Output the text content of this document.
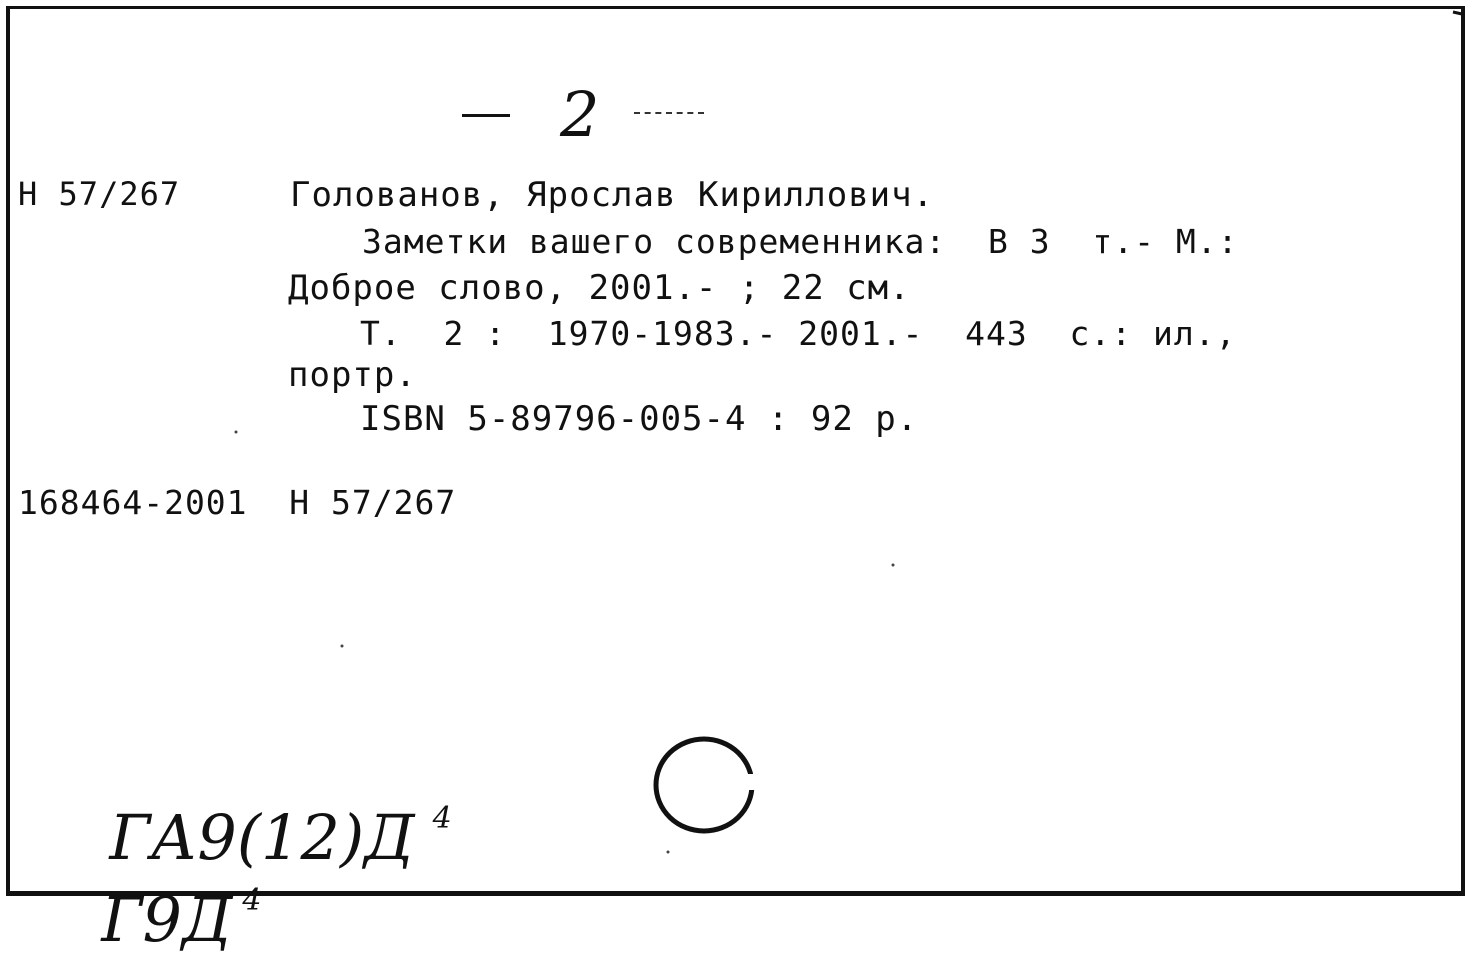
2
Н 57/267	Голованов, Ярослав Кириллович.
Заметки вашего современника:  В 3  т.- М.:
Доброе слово, 2001.- ; 22 см.
Т.  2 :  1970-1983.- 2001.-  443  с.: ил.,
портр.
ISBN 5-89796-005-4 : 92 р.
168464-2001  Н 57/267

ГА9(12)Д $^4$

Г9Д $^4$
